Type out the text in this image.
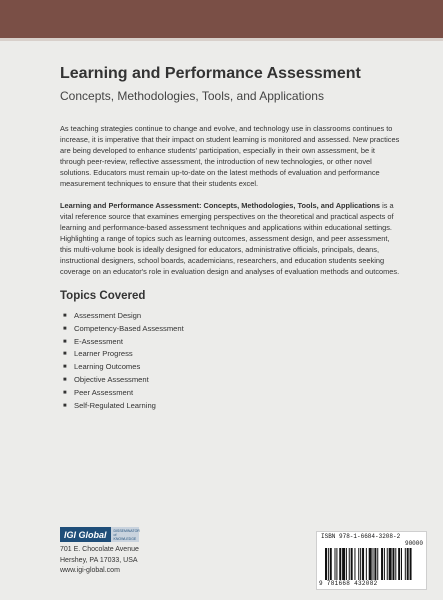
Learning and Performance Assessment
Concepts, Methodologies, Tools, and Applications

As teaching strategies continue to change and evolve, and technology use in classrooms continues to increase, it is imperative that their impact on student learning is monitored and assessed. New practices are being developed to enhance students' participation, especially in their own assessment, be it through peer-review, reflective assessment, the introduction of new technologies, or other novel solutions. Educators must remain up-to-date on the latest methods of evaluation and performance measurement techniques to ensure that their students excel.

Learning and Performance Assessment: Concepts, Methodologies, Tools, and Applications is a vital reference source that examines emerging perspectives on the theoretical and practical aspects of learning and performance-based assessment techniques and applications within educational settings. Highlighting a range of topics such as learning outcomes, assessment design, and peer assessment, this multi-volume book is ideally designed for educators, administrative officials, principals, deans, instructional designers, school boards, academicians, researchers, and education students seeking coverage on an educator's role in evaluation design and analyses of evaluation methods and outcomes.

Topics Covered
■ Assessment Design
■ Competency-Based Assessment
■ E-Assessment
■ Learner Progress
■ Learning Outcomes
■ Objective Assessment
■ Peer Assessment
■ Self-Regulated Learning
IGI Global	DISSEMINATOR of KNOWLEDGE
701 E. Chocolate Avenue
Hershey, PA 17033, USA
www.igi-global.com
ISBN 978-1-6684-3208-2
90000
9 781668 432082
